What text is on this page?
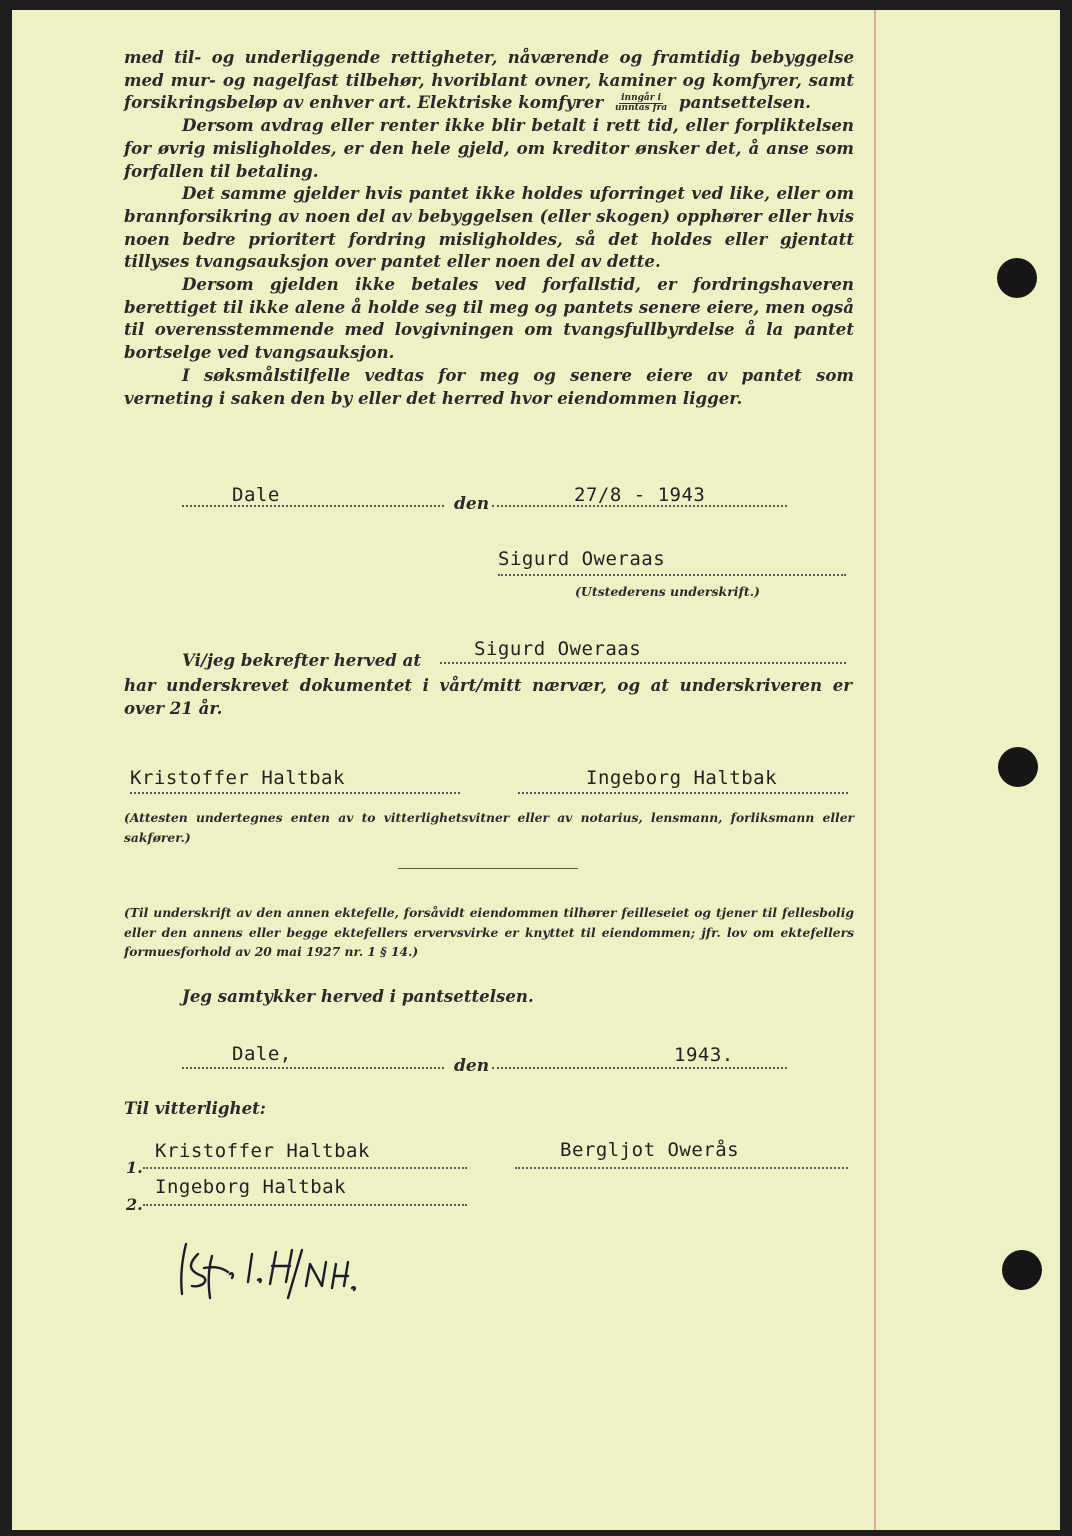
med til- og underliggende rettigheter, nåværende og framtidig bebyggelse med mur- og nagelfast tilbehør, hvoriblant ovner, kaminer og komfyrer, samt forsikringsbeløp av enhver art. Elektriske komfyrer $\frac{\text{inngår i}}{\text{unntas fra}}$ pantsettelsen.

Dersom avdrag eller renter ikke blir betalt i rett tid, eller forpliktelsen for øvrig misligholdes, er den hele gjeld, om kreditor ønsker det, å anse som forfallen til betaling.

Det samme gjelder hvis pantet ikke holdes uforringet ved like, eller om brannforsikring av noen del av bebyggelsen (eller skogen) opphører eller hvis noen bedre prioritert fordring misligholdes, så det holdes eller gjentatt tillyses tvangsauksjon over pantet eller noen del av dette.

Dersom gjelden ikke betales ved forfallstid, er fordringshaveren berettiget til ikke alene å holde seg til meg og pantets senere eiere, men også til overensstemmende med lovgivningen om tvangsfullbyrdelse å la pantet bortselge ved tvangsauksjon.

I søksmålstilfelle vedtas for meg og senere eiere av pantet som verneting i saken den by eller det herred hvor eiendommen ligger.

Dale	den	27/8 - 1943
Sigurd Oweraas
(Utstederens underskrift.)
Vi/jeg bekrefter herved at	Sigurd Oweraas
har underskrevet dokumentet i vårt/mitt nærvær, og at underskriveren er over 21 år.
Kristoffer Haltbak	Ingeborg Haltbak
(Attesten undertegnes enten av to vitterlighetsvitner eller av notarius, lensmann, forliksmann eller sakfører.)
(Til underskrift av den annen ektefelle, forsåvidt eiendommen tilhører feilleseiet og tjener til fellesbolig eller den annens eller begge ektefellers ervervsvirke er knyttet til eiendommen; jfr. lov om ektefellers formuesforhold av 20 mai 1927 nr. 1 § 14.)
Jeg samtykker herved i pantsettelsen.
Dale,
den	1943.
Til vitterlighet:
1.
Kristoffer Haltbak	Bergljot Owerås
2.
Ingeborg Haltbak
